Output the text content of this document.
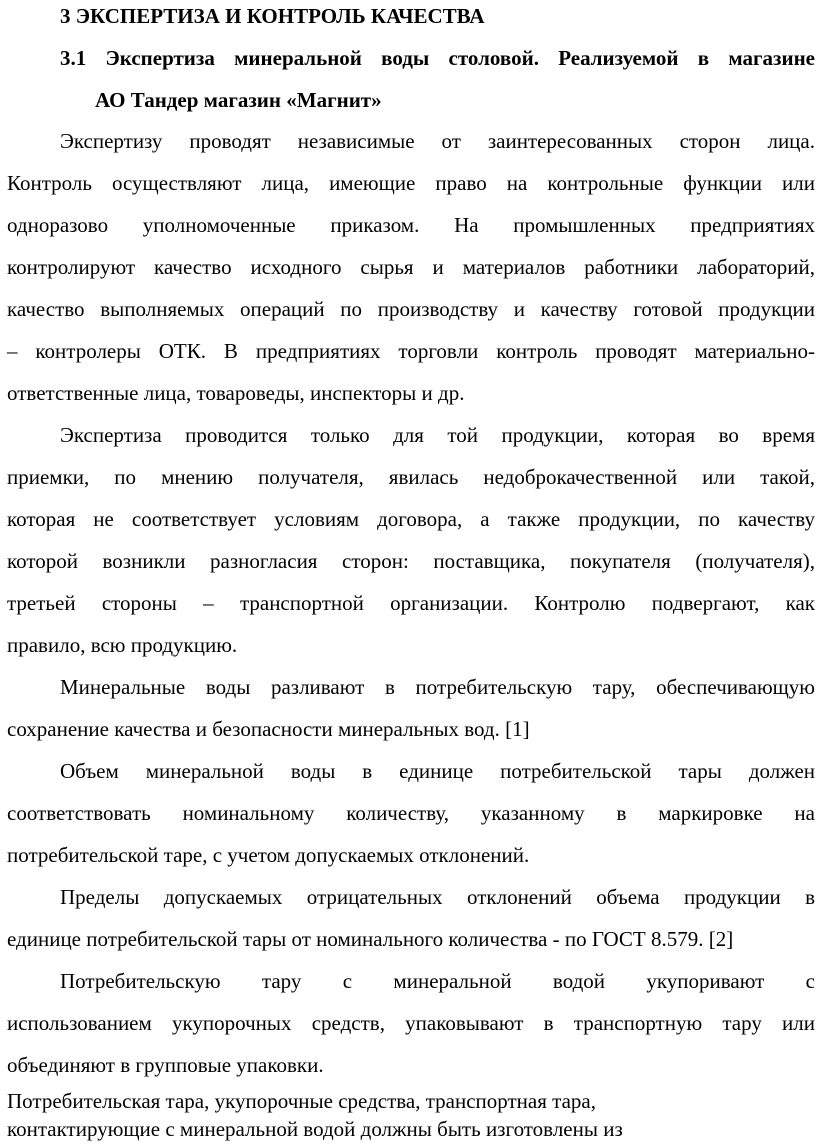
3 ЭКСПЕРТИЗА И КОНТРОЛЬ КАЧЕСТВА
3.1 Экспертиза минеральной воды столовой. Реализуемой в магазине
АО Тандер магазин «Магнит»
Экспертизу проводят независимые от заинтересованных сторон лица.
Контроль осуществляют лица, имеющие право на контрольные функции или
одноразово уполномоченные приказом. На промышленных предприятиях
контролируют качество исходного сырья и материалов работники лабораторий,
качество выполняемых операций по производству и качеству готовой продукции
– контролеры ОТК. В предприятиях торговли контроль проводят материально-
ответственные лица, товароведы, инспекторы и др.
Экспертиза проводится только для той продукции, которая во время
приемки, по мнению получателя, явилась недоброкачественной или такой,
которая не соответствует условиям договора, а также продукции, по качеству
которой возникли разногласия сторон: поставщика, покупателя (получателя),
третьей стороны – транспортной организации. Контролю подвергают, как
правило, всю продукцию.
Минеральные воды разливают в потребительскую тару, обеспечивающую
сохранение качества и безопасности минеральных вод. [1]
Объем минеральной воды в единице потребительской тары должен
соответствовать номинальному количеству, указанному в маркировке на
потребительской таре, с учетом допускаемых отклонений.
Пределы допускаемых отрицательных отклонений объема продукции в
единице потребительской тары от номинального количества - по ГОСТ 8.579. [2]
Потребительскую тару с минеральной водой укупоривают с
использованием укупорочных средств, упаковывают в транспортную тару или
объединяют в групповые упаковки.
Потребительская тара, укупорочные средства, транспортная тара,
контактирующие с минеральной водой должны быть изготовлены из
